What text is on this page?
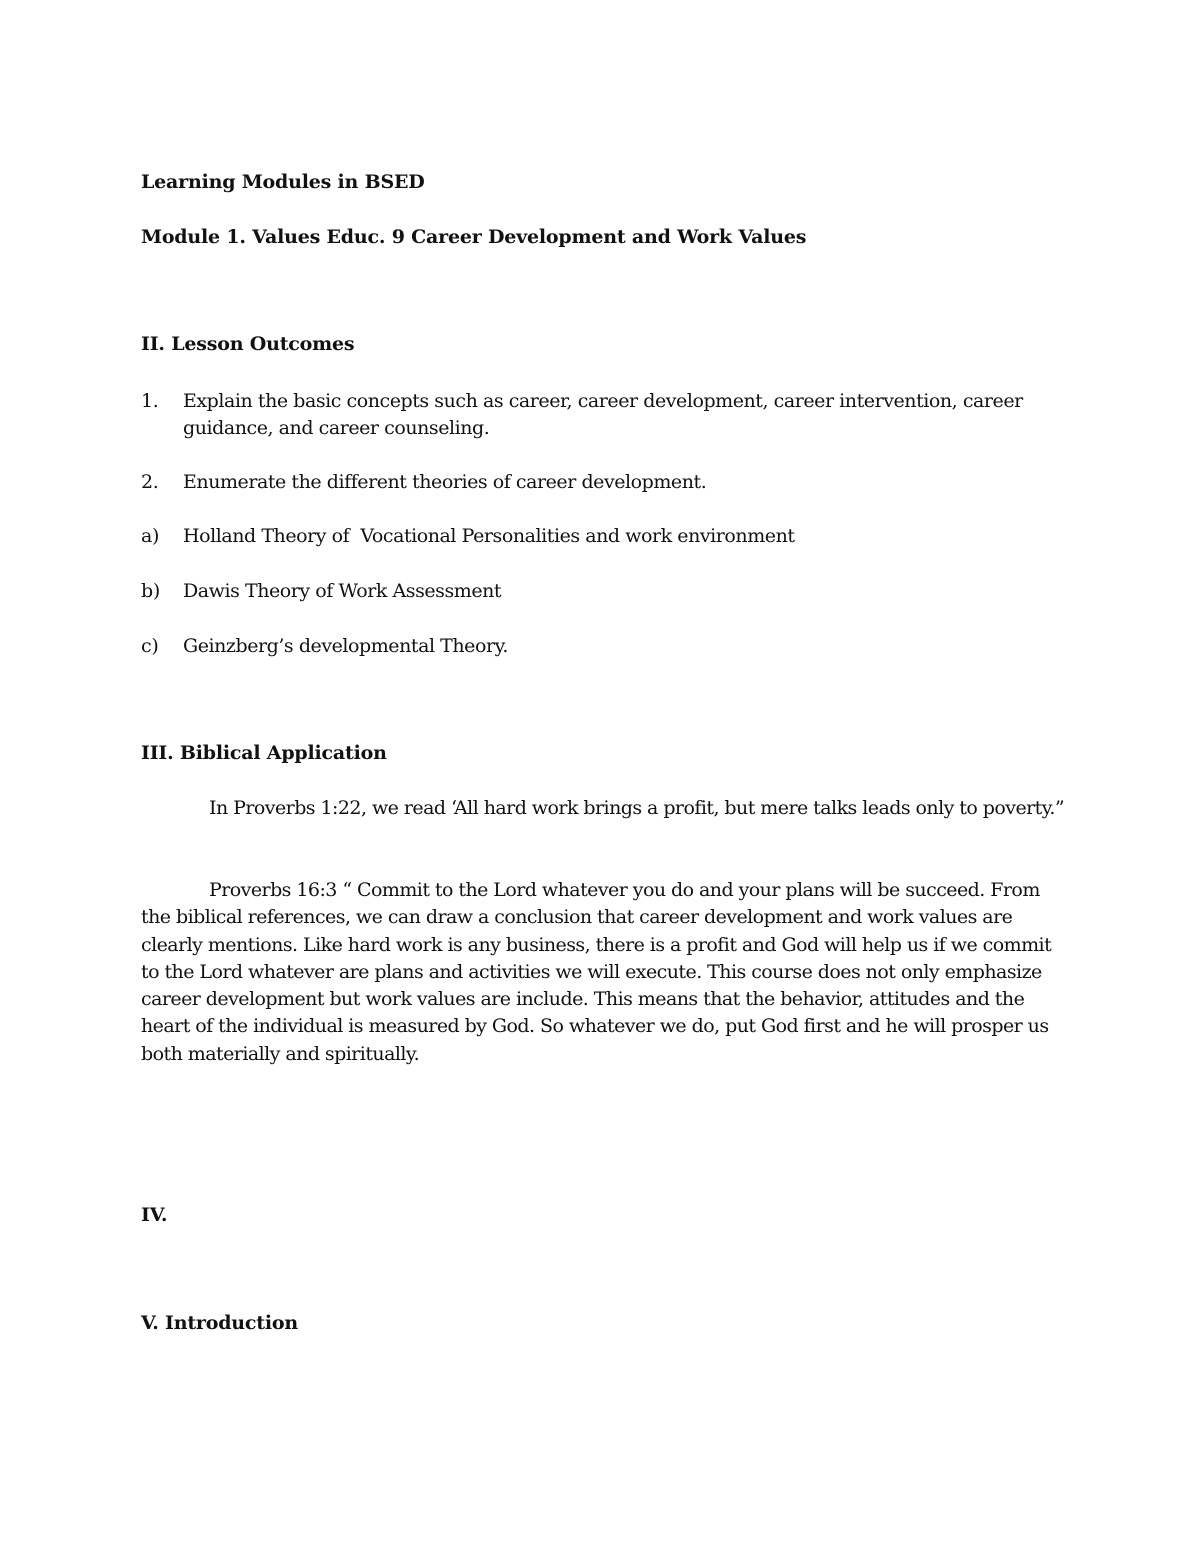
Learning Modules in BSED
Module 1. Values Educ. 9 Career Development and Work Values
II. Lesson Outcomes
1. Explain the basic concepts such as career, career development, career intervention, career
guidance, and career counseling.
2. Enumerate the different theories of career development.
a) Holland Theory of  Vocational Personalities and work environment
b) Dawis Theory of Work Assessment
c) Geinzberg’s developmental Theory.
III. Biblical Application

In Proverbs 1:22, we read ‘All hard work brings a profit, but mere talks leads only to poverty.”

Proverbs 16:3 “ Commit to the Lord whatever you do and your plans will be succeed. From the biblical references, we can draw a conclusion that career development and work values are clearly mentions. Like hard work is any business, there is a profit and God will help us if we commit to the Lord whatever are plans and activities we will execute. This course does not only emphasize career development but work values are include. This means that the behavior, attitudes and the heart of the individual is measured by God. So whatever we do, put God first and he will prosper us both materially and spiritually.

IV.
V. Introduction
